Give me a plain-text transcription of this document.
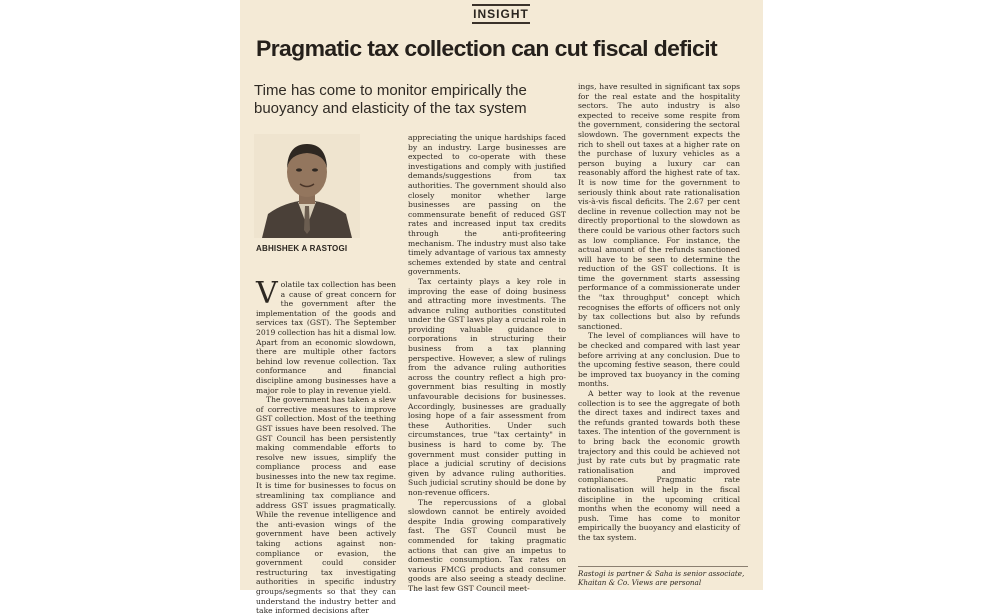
INSIGHT
Pragmatic tax collection can cut fiscal deficit
Time has come to monitor empirically the buoyancy and elasticity of the tax system
ABHISHEK A RASTOGI

Volatile tax collection has been a cause of great concern for the government after the implementation of the goods and services tax (GST). The September 2019 collection has hit a dismal low. Apart from an economic slowdown, there are multiple other factors behind low revenue collection. Tax conformance and financial discipline among businesses have a major role to play in revenue yield.

The government has taken a slew of corrective measures to improve GST collection. Most of the teething GST issues have been resolved. The GST Council has been persistently making commendable efforts to resolve new issues, simplify the compliance process and ease businesses into the new tax regime. It is time for businesses to focus on streamlining tax compliance and address GST issues pragmatically. While the revenue intelligence and the anti-evasion wings of the government have been actively taking actions against non-compliance or evasion, the government could consider restructuring tax investigating authorities in specific industry groups/segments so that they can understand the industry better and take informed decisions after

appreciating the unique hardships faced by an industry. Large businesses are expected to co-operate with these investigations and comply with justified demands/suggestions from tax authorities. The government should also closely monitor whether large businesses are passing on the commensurate benefit of reduced GST rates and increased input tax credits through the anti-profiteering mechanism. The industry must also take timely advantage of various tax amnesty schemes extended by state and central governments.

Tax certainty plays a key role in improving the ease of doing business and attracting more investments. The advance ruling authorities constituted under the GST laws play a crucial role in providing valuable guidance to corporations in structuring their business from a tax planning perspective. However, a slew of rulings from the advance ruling authorities across the country reflect a high pro-government bias resulting in mostly unfavourable decisions for businesses. Accordingly, businesses are gradually losing hope of a fair assessment from these Authorities. Under such circumstances, true "tax certainty" in business is hard to come by. The government must consider putting in place a judicial scrutiny of decisions given by advance ruling authorities. Such judicial scrutiny should be done by non-revenue officers.

The repercussions of a global slowdown cannot be entirely avoided despite India growing comparatively fast. The GST Council must be commended for taking pragmatic actions that can give an impetus to domestic consumption. Tax rates on various FMCG products and consumer goods are also seeing a steady decline. The last few GST Council meet-

ings, have resulted in significant tax sops for the real estate and the hospitality sectors. The auto industry is also expected to receive some respite from the government, considering the sectoral slowdown. The government expects the rich to shell out taxes at a higher rate on the purchase of luxury vehicles as a person buying a luxury car can reasonably afford the highest rate of tax. It is now time for the government to seriously think about rate rationalisation vis-à-vis fiscal deficits. The 2.67 per cent decline in revenue collection may not be directly proportional to the slowdown as there could be various other factors such as low compliance. For instance, the actual amount of the refunds sanctioned will have to be seen to determine the reduction of the GST collections. It is time the government starts assessing performance of a commissionerate under the "tax throughput" concept which recognises the efforts of officers not only by tax collections but also by refunds sanctioned.

The level of compliances will have to be checked and compared with last year before arriving at any conclusion. Due to the upcoming festive season, there could be improved tax buoyancy in the coming months.

A better way to look at the revenue collection is to see the aggregate of both the direct taxes and indirect taxes and the refunds granted towards both these taxes. The intention of the government is to bring back the economic growth trajectory and this could be achieved not just by rate cuts but by pragmatic rate rationalisation and improved compliances. Pragmatic rate rationalisation will help in the fiscal discipline in the upcoming critical months when the economy will need a push. Time has come to monitor empirically the buoyancy and elasticity of the tax system.

Rastogi is partner & Saha is senior associate, Khaitan & Co. Views are personal
